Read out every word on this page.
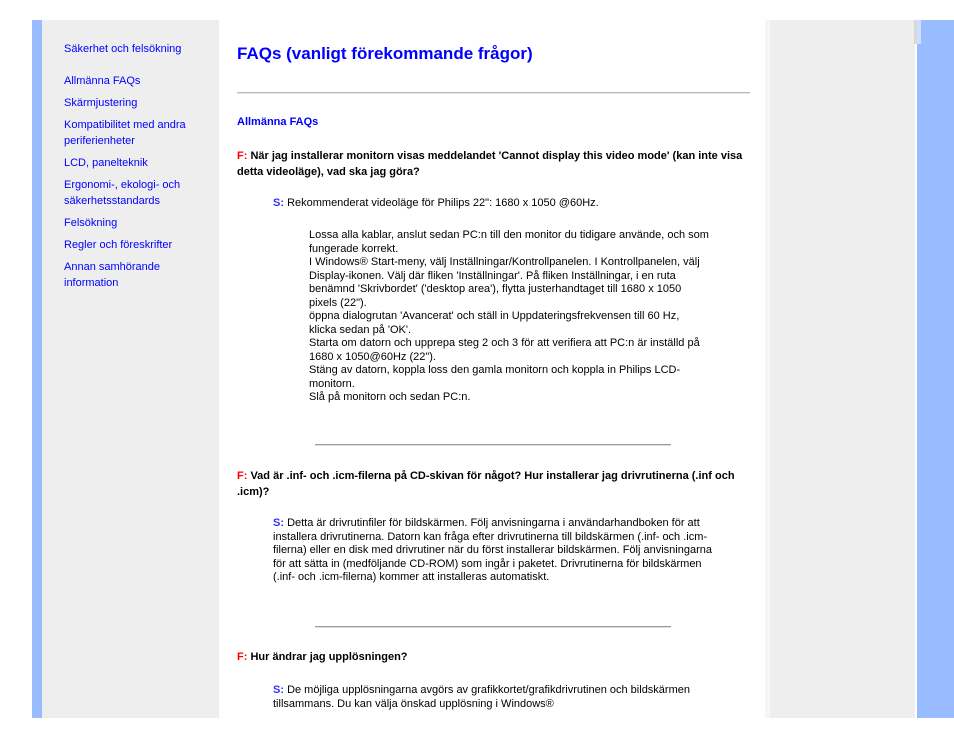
Säkerhet och felsökning
Allmänna FAQs
Skärmjustering
Kompatibilitet med andra periferienheter
LCD, panelteknik
Ergonomi-, ekologi- och säkerhetsstandards
Felsökning
Regler och föreskrifter
Annan samhörande information
FAQs (vanligt förekommande frågor)
Allmänna FAQs
F: När jag installerar monitorn visas meddelandet 'Cannot display this video mode' (kan inte visa detta videoläge), vad ska jag göra?
S: Rekommenderat videoläge för Philips 22": 1680 x 1050 @60Hz.
Lossa alla kablar, anslut sedan PC:n till den monitor du tidigare använde, och som fungerade korrekt.
I Windows® Start-meny, välj Inställningar/Kontrollpanelen. I Kontrollpanelen, välj Display-ikonen. Välj där fliken 'Inställningar'. På fliken Inställningar, i en ruta benämnd 'Skrivbordet' ('desktop area'), flytta justerhandtaget till 1680 x 1050 pixels (22").
öppna dialogrutan 'Avancerat' och ställ in Uppdateringsfrekvensen till 60 Hz, klicka sedan på 'OK'.
Starta om datorn och upprepa steg 2 och 3 för att verifiera att PC:n är inställd på 1680 x 1050@60Hz (22").
Stäng av datorn, koppla loss den gamla monitorn och koppla in Philips LCD-monitorn.
Slå på monitorn och sedan PC:n.
F: Vad är .inf- och .icm-filerna på CD-skivan för något? Hur installerar jag drivrutinerna (.inf och .icm)?
S: Detta är drivrutinfiler för bildskärmen. Följ anvisningarna i användarhandboken för att installera drivrutinerna. Datorn kan fråga efter drivrutinerna till bildskärmen (.inf- och .icm-filerna) eller en disk med drivrutiner när du först installerar bildskärmen. Följ anvisningarna för att sätta in (medföljande CD-ROM) som ingår i paketet. Drivrutinerna för bildskärmen (.inf- och .icm-filerna) kommer att installeras automatiskt.
F: Hur ändrar jag upplösningen?
S: De möjliga upplösningarna avgörs av grafikkortet/grafikdrivrutinen och bildskärmen tillsammans. Du kan välja önskad upplösning i Windows®
